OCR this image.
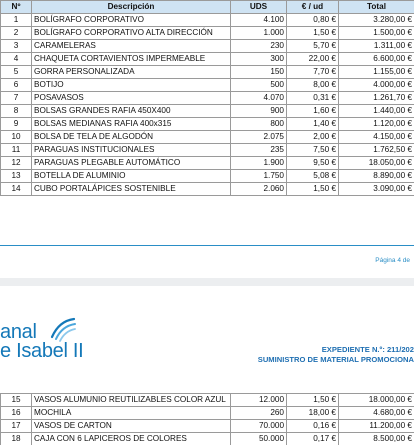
Nº	Descripción	UDS	€ / ud	Total
1	BOLÍGRAFO CORPORATIVO	4.100	0,80 €	3.280,00 €
2	BOLÍGRAFO CORPORATIVO ALTA DIRECCIÓN	1.000	1,50 €	1.500,00 €
3	CARAMELERAS	230	5,70 €	1.311,00 €
4	CHAQUETA CORTAVIENTOS IMPERMEABLE	300	22,00 €	6.600,00 €
5	GORRA PERSONALIZADA	150	7,70 €	1.155,00 €
6	BOTIJO	500	8,00 €	4.000,00 €
7	POSAVASOS	4.070	0,31 €	1.261,70 €
8	BOLSAS GRANDES RAFIA 450X400	900	1,60 €	1.440,00 €
9	BOLSAS MEDIANAS RAFIA 400x315	800	1,40 €	1.120,00 €
10	BOLSA DE TELA DE ALGODÓN	2.075	2,00 €	4.150,00 €
11	PARAGUAS INSTITUCIONALES	235	7,50 €	1.762,50 €
12	PARAGUAS PLEGABLE AUTOMÁTICO	1.900	9,50 €	18.050,00 €
13	BOTELLA DE ALUMINIO	1.750	5,08 €	8.890,00 €
14	CUBO PORTALÁPICES SOSTENIBLE	2.060	1,50 €	3.090,00 €
Página 4 de
anal
e Isabel II	EXPEDIENTE N.º: 211/202
SUMINISTRO DE MATERIAL PROMOCIONA
15	VASOS ALUMUNIO REUTILIZABLES COLOR AZUL	12.000	1,50 €	18.000,00 €
16	MOCHILA	260	18,00 €	4.680,00 €
17	VASOS DE CARTON	70.000	0,16 €	11.200,00 €
18	CAJA CON 6 LAPICEROS DE COLORES	50.000	0,17 €	8.500,00 €
